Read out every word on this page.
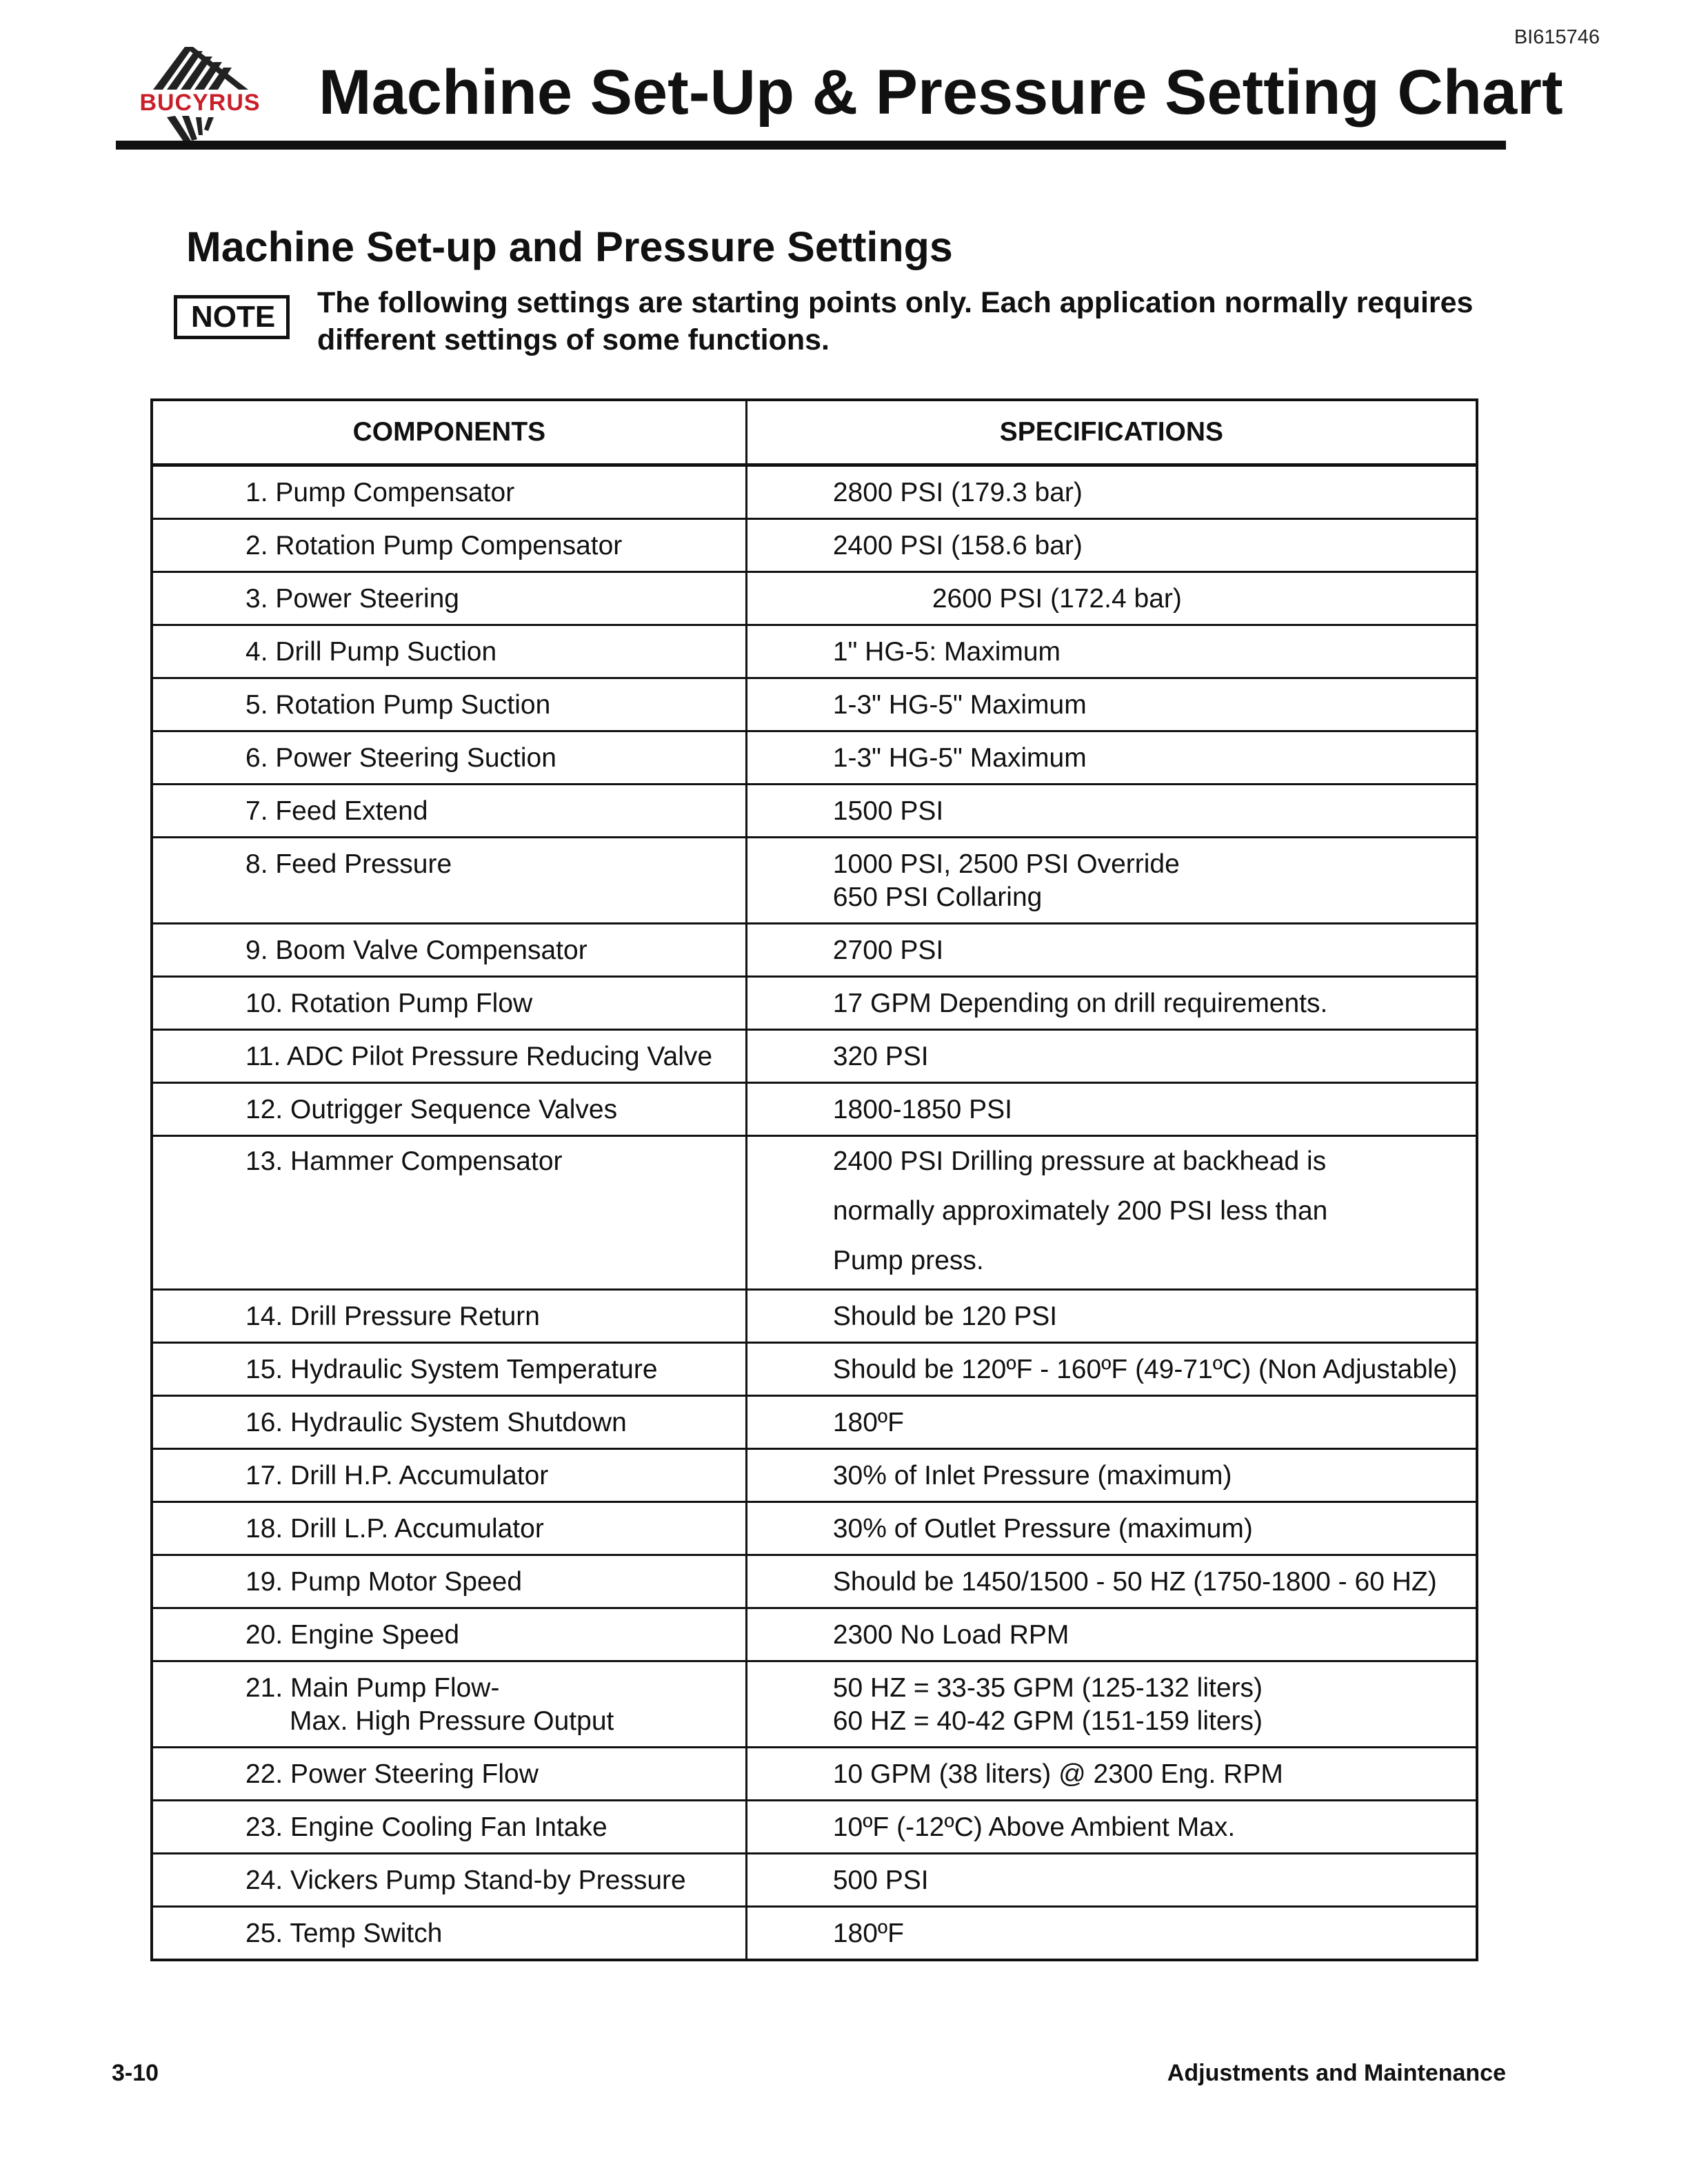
BI615746
BUCYRUS Machine Set-Up & Pressure Setting Chart
Machine Set-up and Pressure Settings
NOTE	The following settings are starting points only. Each application normally requires different settings of some functions.
COMPONENTS	SPECIFICATIONS

1. Pump Compensator	2800 PSI (179.3 bar)

2. Rotation Pump Compensator	2400 PSI (158.6 bar)

3. Power Steering	2600 PSI (172.4 bar)

4. Drill Pump Suction	1" HG-5: Maximum

5. Rotation Pump Suction	1-3" HG-5" Maximum

6. Power Steering Suction	1-3" HG-5" Maximum

7. Feed Extend	1500 PSI

8. Feed Pressure	1000 PSI, 2500 PSI Override
650 PSI Collaring

9. Boom Valve Compensator	2700 PSI

10. Rotation Pump Flow	17 GPM Depending on drill requirements.

11. ADC Pilot Pressure Reducing Valve	320 PSI

12. Outrigger Sequence Valves	1800-1850 PSI

13. Hammer Compensator	2400 PSI Drilling pressure at backhead is
normally approximately 200 PSI less than
Pump press.

14. Drill Pressure Return	Should be 120 PSI

15. Hydraulic System Temperature	Should be 120ºF - 160ºF (49-71ºC) (Non Adjustable)

16. Hydraulic System Shutdown	180ºF

17. Drill H.P. Accumulator	30% of Inlet Pressure (maximum)

18. Drill L.P. Accumulator	30% of Outlet Pressure (maximum)

19. Pump Motor Speed	Should be 1450/1500 - 50 HZ (1750-1800 - 60 HZ)

20. Engine Speed	2300 No Load RPM

21. Main Pump Flow-
Max. High Pressure Output	50 HZ = 33-35 GPM (125-132 liters)
60 HZ = 40-42 GPM (151-159 liters)

22. Power Steering Flow	10 GPM (38 liters) @ 2300 Eng. RPM

23. Engine Cooling Fan Intake	10ºF (-12ºC) Above Ambient Max.

24. Vickers Pump Stand-by Pressure	500 PSI

25. Temp Switch	180ºF
3-10	Adjustments and Maintenance
